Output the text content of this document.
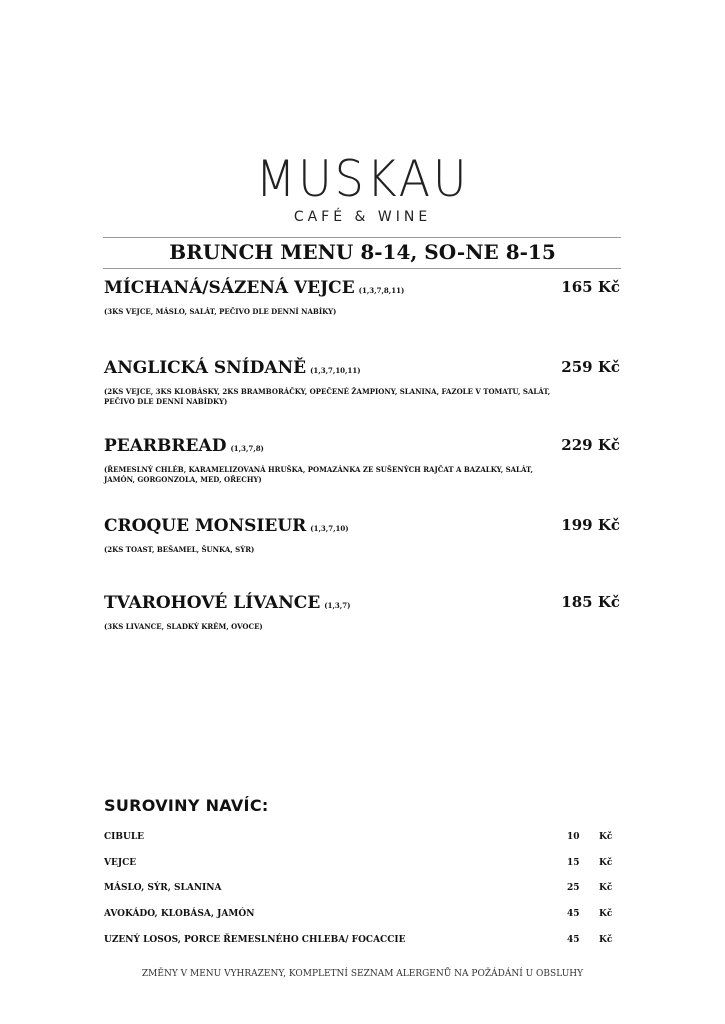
MUSKAU
CAFÉ & WINE
BRUNCH MENU 8-14, SO-NE 8-15
MÍCHANÁ/SÁZENÁ VEJCE (1,3,7,8,11)	165 Kč
(3KS VEJCE, MÁSLO, SALÁT, PEČIVO DLE DENNÍ NABÍKY)
ANGLICKÁ SNÍDANĚ (1,3,7,10,11)	259 Kč
(2KS VEJCE, 3KS KLOBÁSKY, 2KS BRAMBORÁČKY, OPEČENÉ ŽAMPIONY, SLANINA, FAZOLE V TOMATU, SALÁT, PEČIVO DLE DENNÍ NABÍDKY)
PEARBREAD (1,3,7,8)	229 Kč
(ŘEMESLNÝ CHLÉB, KARAMELIZOVANÁ HRUŠKA, POMAZÁNKA ZE SUŠENÝCH RAJČAT A BAZALKY, SALÁT, JAMÓN, GORGONZOLA, MED, OŘECHY)
CROQUE MONSIEUR (1,3,7,10)	199 Kč
(2KS TOAST, BEŠAMEL, ŠUNKA, SÝR)
TVAROHOVÉ LÍVANCE (1,3,7)	185 Kč
(3KS LIVANCE, SLADKÝ KRÉM, OVOCE)
SUROVINY NAVÍC:
CIBULE	10 Kč
VEJCE	15 Kč
MÁSLO, SÝR, SLANINA	25 Kč
AVOKÁDO, KLOBÁSA, JAMÓN	45 Kč
UZENÝ LOSOS, PORCE ŘEMESLNÉHO CHLEBA/ FOCACCIE	45 Kč
ZMĚNY V MENU VYHRAZENY, KOMPLETNÍ SEZNAM ALERGENŮ NA POŽÁDÁNÍ U OBSLUHY
